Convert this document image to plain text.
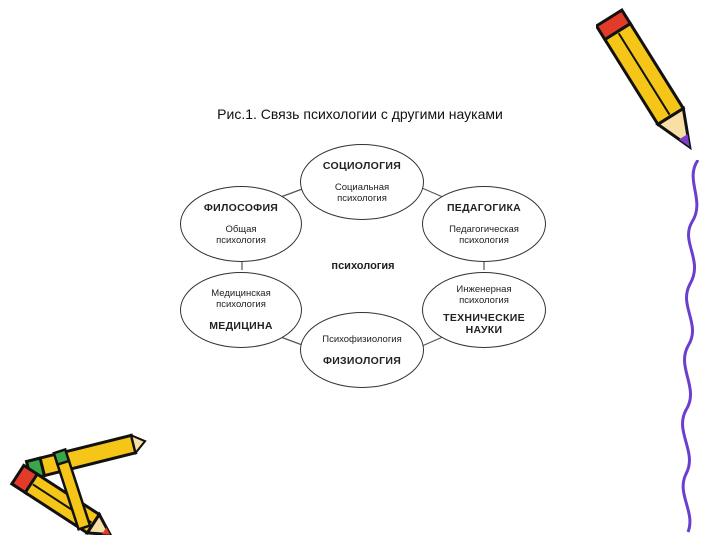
Рис.1. Связь психологии с другими науками
СОЦИОЛОГИЯ
Социальная
психология
ФИЛОСОФИЯ
Общая
психология
ПЕДАГОГИКА
Педагогическая
психология
психология
Медицинская
психология
МЕДИЦИНА
Инженерная
психология
ТЕХНИЧЕСКИЕ
НАУКИ
Психофизиология
ФИЗИОЛОГИЯ
